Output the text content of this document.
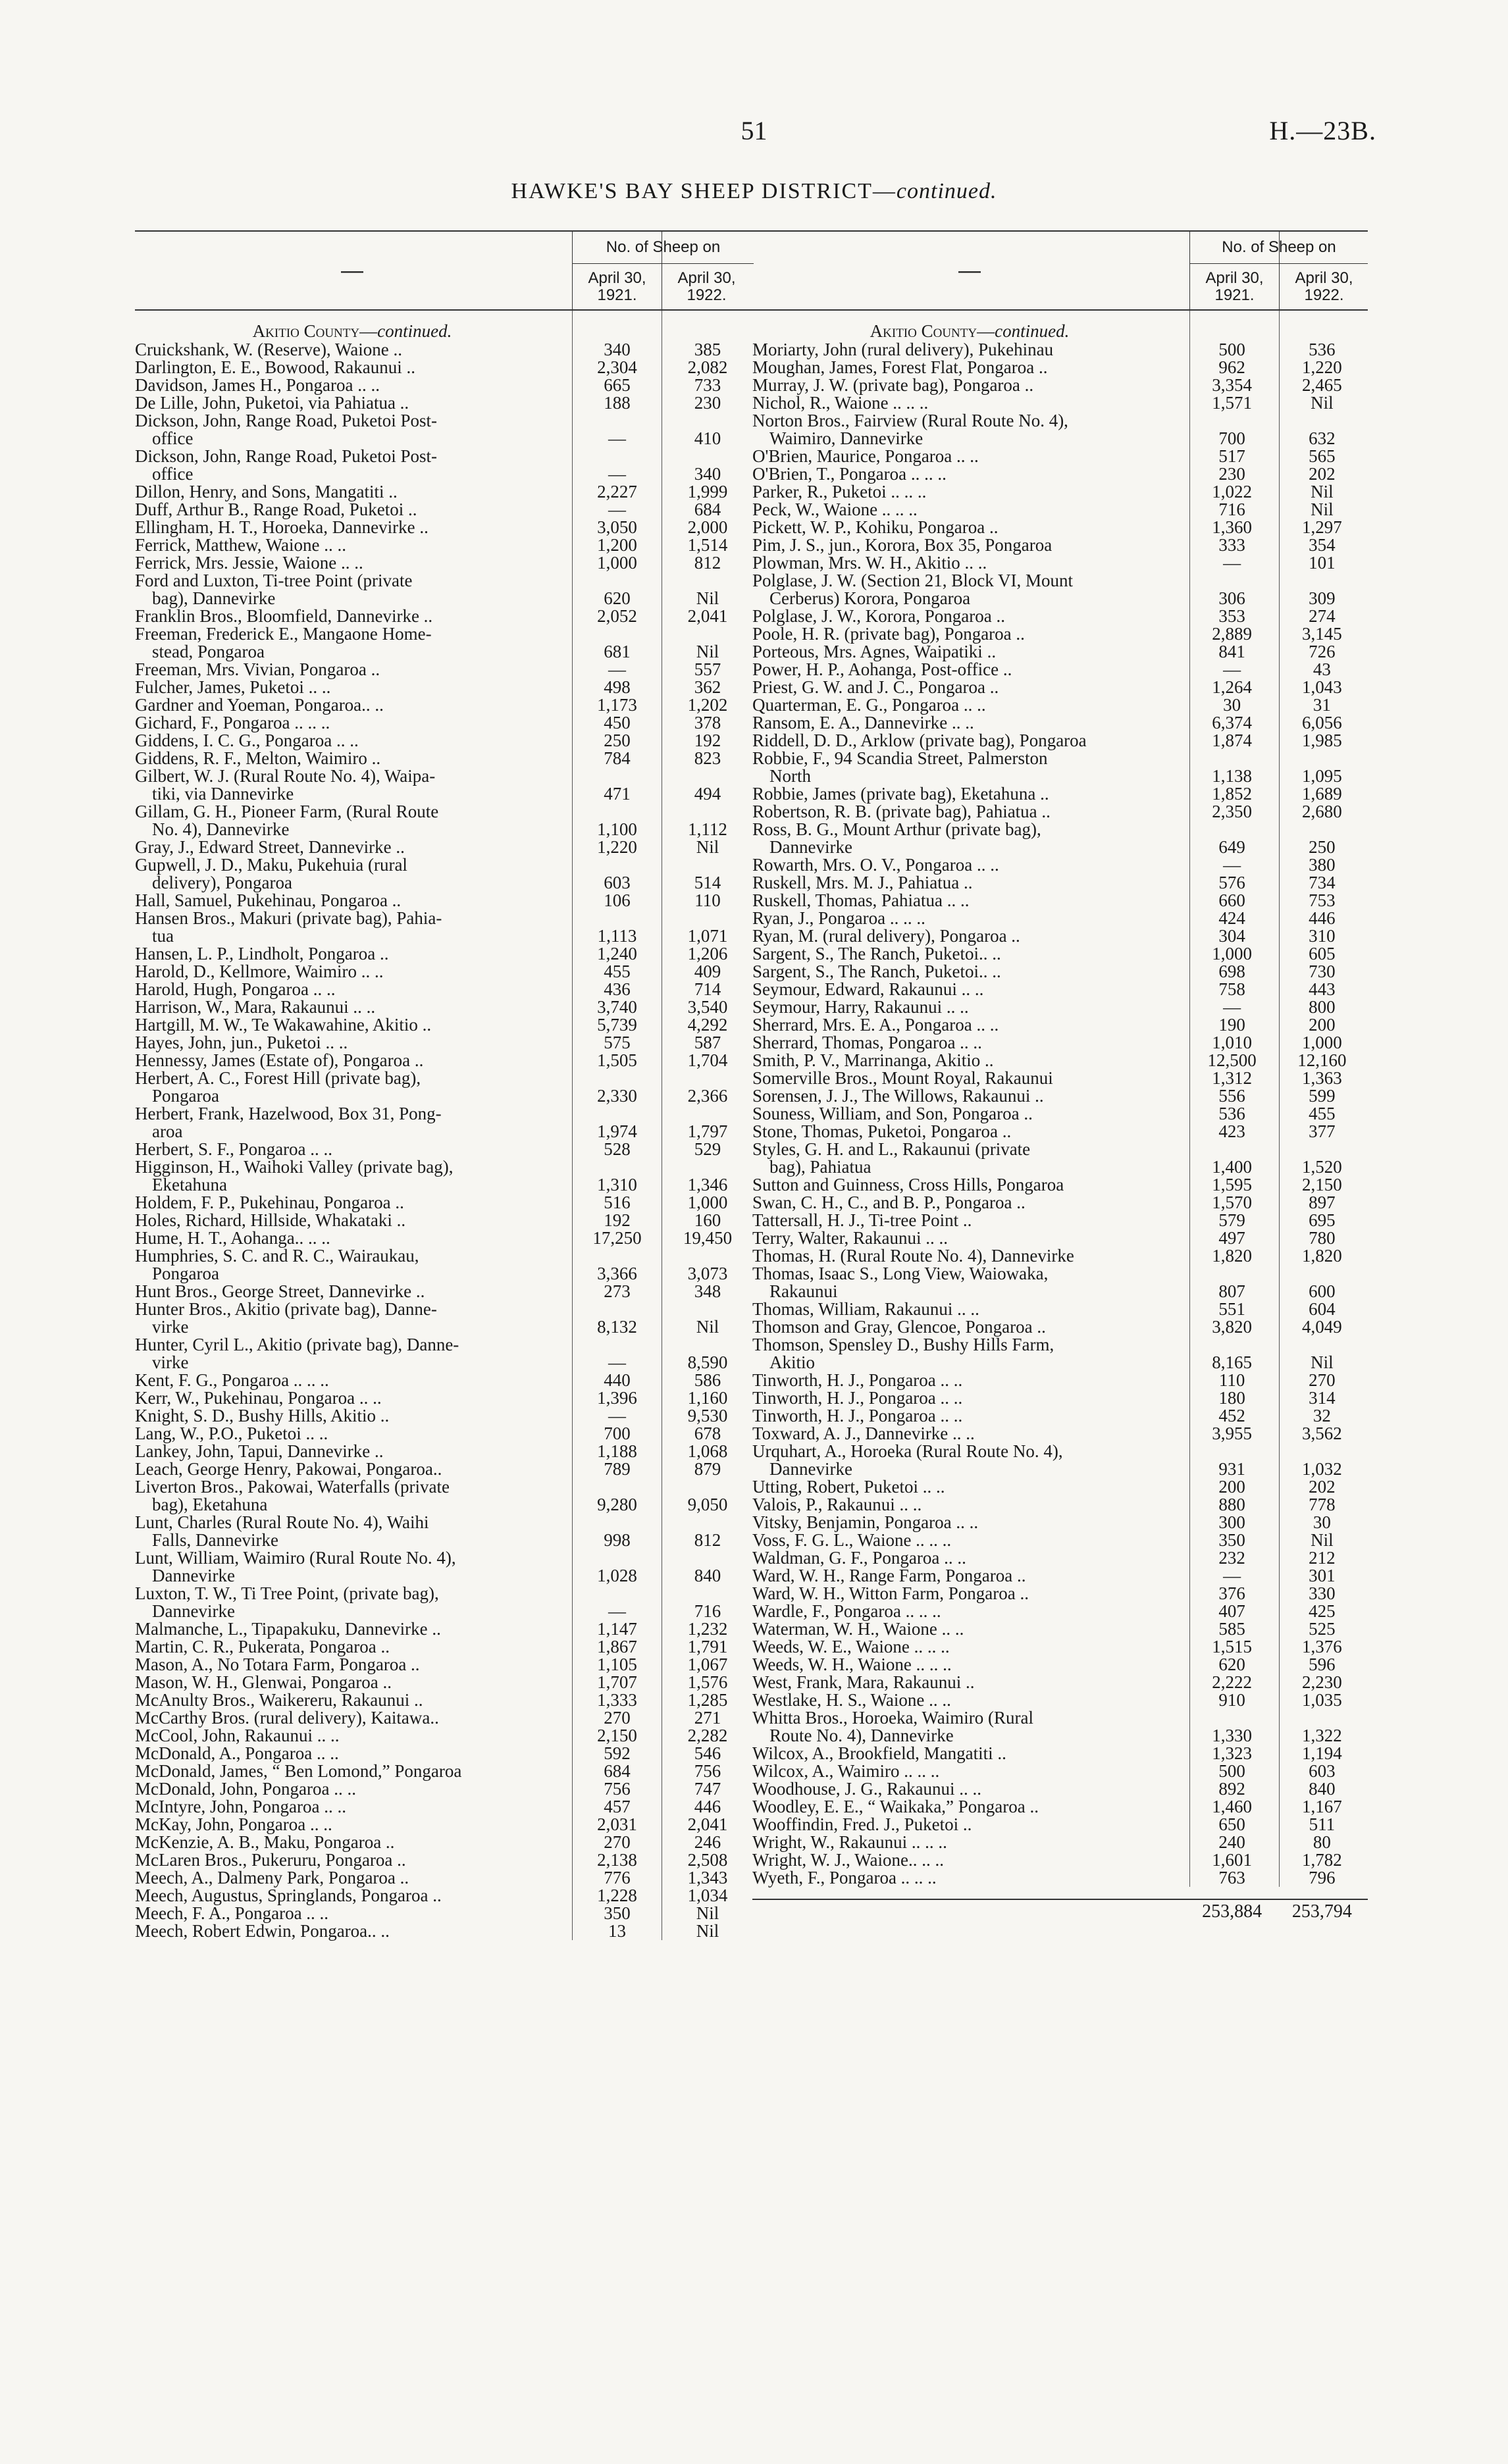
51	H.—23B.
HAWKE'S BAY SHEEP DISTRICT—continued.
—
No. of Sheep on
April 30, 1921.
April 30, 1922.
Akitio County—continued.
Cruickshank, W. (Reserve), Waione ..	340	385
Darlington, E. E., Bowood, Rakaunui ..	2,304	2,082
Davidson, James H., Pongaroa .. ..	665	733
De Lille, John, Puketoi, via Pahiatua ..	188	230
Dickson, John, Range Road, Puketoi Post-
office	—	410
Dickson, John, Range Road, Puketoi Post-
office	—	340
Dillon, Henry, and Sons, Mangatiti ..	2,227	1,999
Duff, Arthur B., Range Road, Puketoi ..	—	684
Ellingham, H. T., Horoeka, Dannevirke ..	3,050	2,000
Ferrick, Matthew, Waione .. ..	1,200	1,514
Ferrick, Mrs. Jessie, Waione .. ..	1,000	812
Ford and Luxton, Ti-tree Point (private
bag), Dannevirke	620	Nil
Franklin Bros., Bloomfield, Dannevirke ..	2,052	2,041
Freeman, Frederick E., Mangaone Home-
stead, Pongaroa	681	Nil
Freeman, Mrs. Vivian, Pongaroa ..	—	557
Fulcher, James, Puketoi .. ..	498	362
Gardner and Yoeman, Pongaroa.. ..	1,173	1,202
Gichard, F., Pongaroa .. .. ..	450	378
Giddens, I. C. G., Pongaroa .. ..	250	192
Giddens, R. F., Melton, Waimiro ..	784	823
Gilbert, W. J. (Rural Route No. 4), Waipa-
tiki, via Dannevirke	471	494
Gillam, G. H., Pioneer Farm, (Rural Route
No. 4), Dannevirke	1,100	1,112
Gray, J., Edward Street, Dannevirke ..	1,220	Nil
Gupwell, J. D., Maku, Pukehuia (rural
delivery), Pongaroa	603	514
Hall, Samuel, Pukehinau, Pongaroa ..	106	110
Hansen Bros., Makuri (private bag), Pahia-
tua	1,113	1,071
Hansen, L. P., Lindholt, Pongaroa ..	1,240	1,206
Harold, D., Kellmore, Waimiro .. ..	455	409
Harold, Hugh, Pongaroa .. ..	436	714
Harrison, W., Mara, Rakaunui .. ..	3,740	3,540
Hartgill, M. W., Te Wakawahine, Akitio ..	5,739	4,292
Hayes, John, jun., Puketoi .. ..	575	587
Hennessy, James (Estate of), Pongaroa ..	1,505	1,704
Herbert, A. C., Forest Hill (private bag),
Pongaroa	2,330	2,366
Herbert, Frank, Hazelwood, Box 31, Pong-
aroa	1,974	1,797
Herbert, S. F., Pongaroa .. ..	528	529
Higginson, H., Waihoki Valley (private bag),
Eketahuna	1,310	1,346
Holdem, F. P., Pukehinau, Pongaroa ..	516	1,000
Holes, Richard, Hillside, Whakataki ..	192	160
Hume, H. T., Aohanga.. .. ..	17,250	19,450
Humphries, S. C. and R. C., Wairaukau,
Pongaroa	3,366	3,073
Hunt Bros., George Street, Dannevirke ..	273	348
Hunter Bros., Akitio (private bag), Danne-
virke	8,132	Nil
Hunter, Cyril L., Akitio (private bag), Danne-
virke	—	8,590
Kent, F. G., Pongaroa .. .. ..	440	586
Kerr, W., Pukehinau, Pongaroa .. ..	1,396	1,160
Knight, S. D., Bushy Hills, Akitio ..	—	9,530
Lang, W., P.O., Puketoi .. ..	700	678
Lankey, John, Tapui, Dannevirke ..	1,188	1,068
Leach, George Henry, Pakowai, Pongaroa..	789	879
Liverton Bros., Pakowai, Waterfalls (private
bag), Eketahuna	9,280	9,050
Lunt, Charles (Rural Route No. 4), Waihi
Falls, Dannevirke	998	812
Lunt, William, Waimiro (Rural Route No. 4),
Dannevirke	1,028	840
Luxton, T. W., Ti Tree Point, (private bag),
Dannevirke	—	716
Malmanche, L., Tipapakuku, Dannevirke ..	1,147	1,232
Martin, C. R., Pukerata, Pongaroa ..	1,867	1,791
Mason, A., No Totara Farm, Pongaroa ..	1,105	1,067
Mason, W. H., Glenwai, Pongaroa ..	1,707	1,576
McAnulty Bros., Waikereru, Rakaunui ..	1,333	1,285
McCarthy Bros. (rural delivery), Kaitawa..	270	271
McCool, John, Rakaunui .. ..	2,150	2,282
McDonald, A., Pongaroa .. ..	592	546
McDonald, James, “ Ben Lomond,” Pongaroa	684	756
McDonald, John, Pongaroa .. ..	756	747
McIntyre, John, Pongaroa .. ..	457	446
McKay, John, Pongaroa .. ..	2,031	2,041
McKenzie, A. B., Maku, Pongaroa ..	270	246
McLaren Bros., Pukeruru, Pongaroa ..	2,138	2,508
Meech, A., Dalmeny Park, Pongaroa ..	776	1,343
Meech, Augustus, Springlands, Pongaroa ..	1,228	1,034
Meech, F. A., Pongaroa .. ..	350	Nil
Meech, Robert Edwin, Pongaroa.. ..	13	Nil
—
No. of Sheep on
April 30, 1921.
April 30, 1922.
Akitio County—continued.
Moriarty, John (rural delivery), Pukehinau	500	536
Moughan, James, Forest Flat, Pongaroa ..	962	1,220
Murray, J. W. (private bag), Pongaroa ..	3,354	2,465
Nichol, R., Waione .. .. ..	1,571	Nil
Norton Bros., Fairview (Rural Route No. 4),
Waimiro, Dannevirke	700	632
O'Brien, Maurice, Pongaroa .. ..	517	565
O'Brien, T., Pongaroa .. .. ..	230	202
Parker, R., Puketoi .. .. ..	1,022	Nil
Peck, W., Waione .. .. ..	716	Nil
Pickett, W. P., Kohiku, Pongaroa ..	1,360	1,297
Pim, J. S., jun., Korora, Box 35, Pongaroa	333	354
Plowman, Mrs. W. H., Akitio .. ..	—	101
Polglase, J. W. (Section 21, Block VI, Mount
Cerberus) Korora, Pongaroa	306	309
Polglase, J. W., Korora, Pongaroa ..	353	274
Poole, H. R. (private bag), Pongaroa ..	2,889	3,145
Porteous, Mrs. Agnes, Waipatiki ..	841	726
Power, H. P., Aohanga, Post-office ..	—	43
Priest, G. W. and J. C., Pongaroa ..	1,264	1,043
Quarterman, E. G., Pongaroa .. ..	30	31
Ransom, E. A., Dannevirke .. ..	6,374	6,056
Riddell, D. D., Arklow (private bag), Pongaroa	1,874	1,985
Robbie, F., 94 Scandia Street, Palmerston
North	1,138	1,095
Robbie, James (private bag), Eketahuna ..	1,852	1,689
Robertson, R. B. (private bag), Pahiatua ..	2,350	2,680
Ross, B. G., Mount Arthur (private bag),
Dannevirke	649	250
Rowarth, Mrs. O. V., Pongaroa .. ..	—	380
Ruskell, Mrs. M. J., Pahiatua ..	576	734
Ruskell, Thomas, Pahiatua .. ..	660	753
Ryan, J., Pongaroa .. .. ..	424	446
Ryan, M. (rural delivery), Pongaroa ..	304	310
Sargent, S., The Ranch, Puketoi.. ..	1,000	605
Sargent, S., The Ranch, Puketoi.. ..	698	730
Seymour, Edward, Rakaunui .. ..	758	443
Seymour, Harry, Rakaunui .. ..	—	800
Sherrard, Mrs. E. A., Pongaroa .. ..	190	200
Sherrard, Thomas, Pongaroa .. ..	1,010	1,000
Smith, P. V., Marrinanga, Akitio ..	12,500	12,160
Somerville Bros., Mount Royal, Rakaunui	1,312	1,363
Sorensen, J. J., The Willows, Rakaunui ..	556	599
Souness, William, and Son, Pongaroa ..	536	455
Stone, Thomas, Puketoi, Pongaroa ..	423	377
Styles, G. H. and L., Rakaunui (private
bag), Pahiatua	1,400	1,520
Sutton and Guinness, Cross Hills, Pongaroa	1,595	2,150
Swan, C. H., C., and B. P., Pongaroa ..	1,570	897
Tattersall, H. J., Ti-tree Point ..	579	695
Terry, Walter, Rakaunui .. ..	497	780
Thomas, H. (Rural Route No. 4), Dannevirke	1,820	1,820
Thomas, Isaac S., Long View, Waiowaka,
Rakaunui	807	600
Thomas, William, Rakaunui .. ..	551	604
Thomson and Gray, Glencoe, Pongaroa ..	3,820	4,049
Thomson, Spensley D., Bushy Hills Farm,
Akitio	8,165	Nil
Tinworth, H. J., Pongaroa .. ..	110	270
Tinworth, H. J., Pongaroa .. ..	180	314
Tinworth, H. J., Pongaroa .. ..	452	32
Toxward, A. J., Dannevirke .. ..	3,955	3,562
Urquhart, A., Horoeka (Rural Route No. 4),
Dannevirke	931	1,032
Utting, Robert, Puketoi .. ..	200	202
Valois, P., Rakaunui .. ..	880	778
Vitsky, Benjamin, Pongaroa .. ..	300	30
Voss, F. G. L., Waione .. .. ..	350	Nil
Waldman, G. F., Pongaroa .. ..	232	212
Ward, W. H., Range Farm, Pongaroa ..	—	301
Ward, W. H., Witton Farm, Pongaroa ..	376	330
Wardle, F., Pongaroa .. .. ..	407	425
Waterman, W. H., Waione .. ..	585	525
Weeds, W. E., Waione .. .. ..	1,515	1,376
Weeds, W. H., Waione .. .. ..	620	596
West, Frank, Mara, Rakaunui ..	2,222	2,230
Westlake, H. S., Waione .. ..	910	1,035
Whitta Bros., Horoeka, Waimiro (Rural
Route No. 4), Dannevirke	1,330	1,322
Wilcox, A., Brookfield, Mangatiti ..	1,323	1,194
Wilcox, A., Waimiro .. .. ..	500	603
Woodhouse, J. G., Rakaunui .. ..	892	840
Woodley, E. E., “ Waikaka,” Pongaroa ..	1,460	1,167
Wooffindin, Fred. J., Puketoi ..	650	511
Wright, W., Rakaunui .. .. ..	240	80
Wright, W. J., Waione.. .. ..	1,601	1,782
Wyeth, F., Pongaroa .. .. ..	763	796
253,884	253,794
